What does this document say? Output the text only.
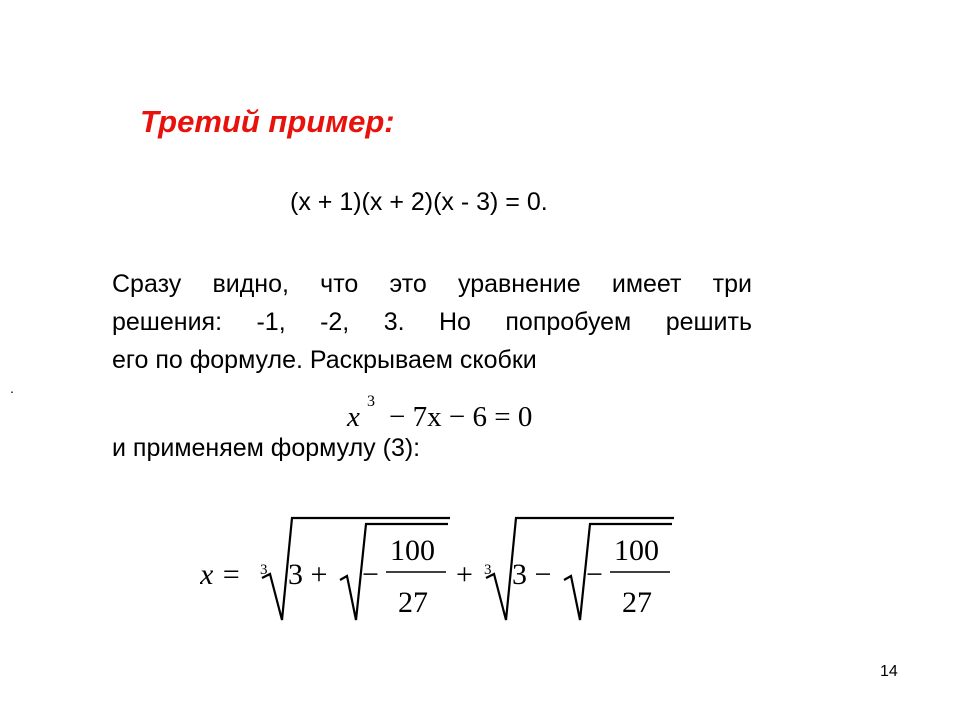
Третий пример:
(x + 1)(x + 2)(x - 3) = 0.
Сразу видно, что это уравнение имеет три
решения: -1, -2, 3. Но попробуем решить
его по формуле. Раскрываем скобки
.
x 3 − 7x − 6 = 0
и применяем формулу (3):
x = 3 3 + −
100
27
+ 3 3 − −
100
27
14
